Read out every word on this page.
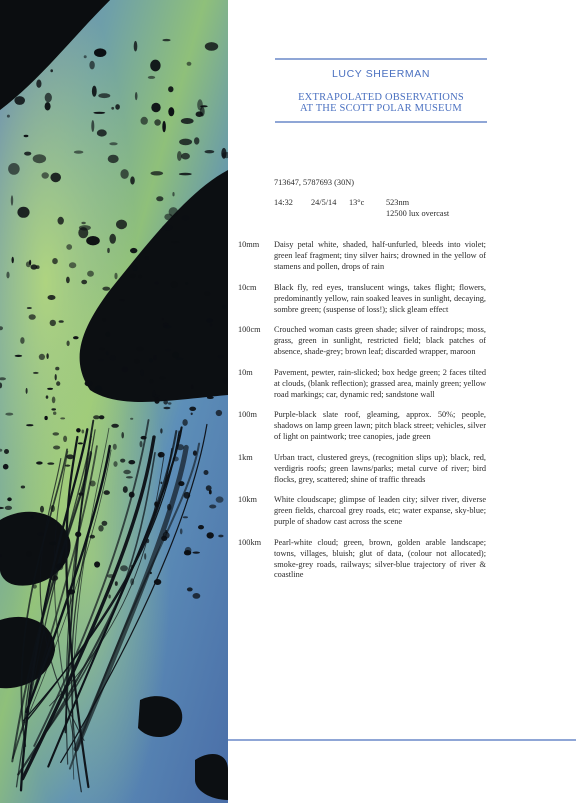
LUCY SHEERMAN
EXTRAPOLATED OBSERVATIONS
AT THE SCOTT POLAR MUSEUM
713647, 5787693 (30N)
14:32 24/5/14 13°c	523nm
12500 lux overcast
10mm Daisy petal white, shaded, half-unfurled, bleeds into violet; green leaf fragment; tiny silver hairs; drowned in the yellow of stamens and pollen, drops of rain
10cm Black fly, red eyes, translucent wings, takes flight; flowers, predominantly yellow, rain soaked leaves in sunlight, decaying, sombre green; (suspense of loss!); slick gleam effect
100cm Crouched woman casts green shade; silver of raindrops; moss, grass, green in sunlight, restricted field; black patches of absence, shade-grey; brown leaf; discarded wrapper, maroon
10m	Pavement, pewter, rain-slicked; box hedge green; 2 faces tilted at clouds, (blank reflection); grassed area, mainly green; yellow road markings; car, dynamic red; sandstone wall
100m Purple-black slate roof, gleaming, approx. 50%; people, shadows on lamp green lawn; pitch black street; vehicles, silver of light on paintwork; tree canopies, jade green
1km	Urban tract, clustered greys, (recognition slips up); black, red, verdigris roofs; green lawns/parks; metal curve of river; bird flocks, grey, scattered; shine of traffic threads
10km White cloudscape; glimpse of leaden city; silver river, diverse green fields, charcoal grey roads, etc; water expanse, sky-blue; purple of shadow cast across the scene
100km Pearl-white cloud; green, brown, golden arable landscape; towns, villages, bluish; glut of data, (colour not allocated); smoke-grey roads, railways; silver-blue trajectory of river & coastline
